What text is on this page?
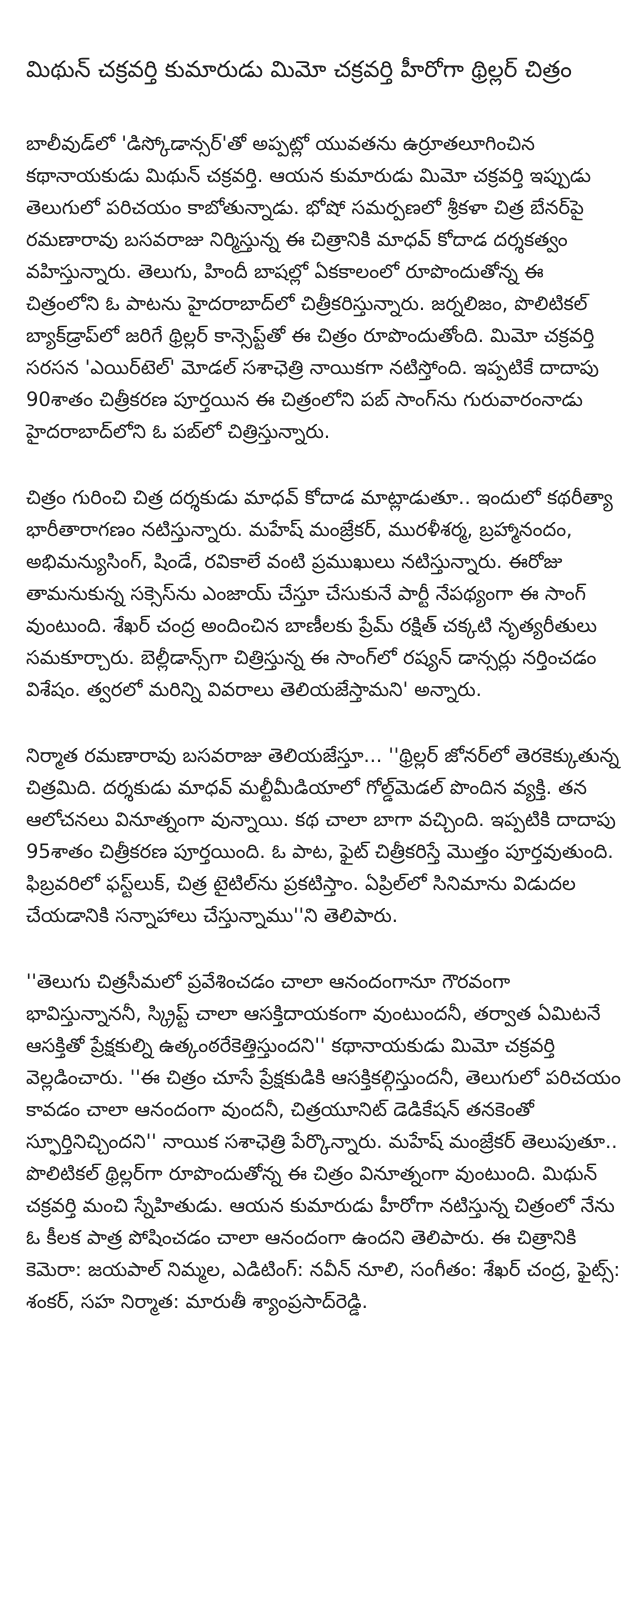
మిథున్ చక్రవర్తి కుమారుడు మిమో చక్రవర్తి హీరోగా థ్రిల్లర్ చిత్రం

బాలీవుడ్‌లో 'డిస్కోడాన్సర్'తో అప్పట్లో యువతను ఉర్రూతలూగించిన కథానాయకుడు మిథున్ చక్రవర్తి. ఆయన కుమారుడు మిమో చక్రవర్తి ఇప్పుడు తెలుగులో పరిచయం కాబోతున్నాడు. భోషో సమర్పణలో శ్రీకళా చిత్ర బేనర్‌పై రమణారావు బసవరాజు నిర్మిస్తున్న ఈ చిత్రానికి మాధవ్ కోదాడ దర్శకత్వం వహిస్తున్నారు. తెలుగు, హిందీ బాషల్లో ఏకకాలంలో రూపొందుతోన్న ఈ చిత్రంలోని ఓ పాటను హైదరాబాద్‌లో చిత్రీకరిస్తున్నారు. జర్నలిజం, పొలిటికల్ బ్యాక్‌డ్రాప్‌లో జరిగే థ్రిల్లర్ కాన్సెప్ట్‌తో ఈ చిత్రం రూపొందుతోంది. మిమో చక్రవర్తి సరసన 'ఎయిర్‌టెల్' మోడల్ సశాఛెత్రి నాయికగా నటిస్తోంది. ఇప్పటికే దాదాపు 90శాతం చిత్రీకరణ పూర్తయిన ఈ చిత్రంలోని పబ్ సాంగ్‌ను గురువారంనాడు హైదరాబాద్‌లోని ఓ పబ్‌లో చిత్రిస్తున్నారు.

చిత్రం గురించి చిత్ర దర్శకుడు మాధవ్ కోదాడ మాట్లాడుతూ.. ఇందులో కథరీత్యా భారీతారాగణం నటిస్తున్నారు. మహేష్ మంజ్రేకర్, మురళీశర్మ, బ్రహ్మానందం, అభిమన్యుసింగ్, షిండే, రవికాలే వంటి ప్రముఖులు నటిస్తున్నారు. ఈరోజు తామనుకున్న సక్సెస్‌ను ఎంజాయ్ చేస్తూ చేసుకునే పార్టీ నేపథ్యంగా ఈ సాంగ్ వుంటుంది. శేఖర్ చంద్ర అందించిన బాణీలకు ప్రేమ్ రక్షిత్ చక్కటి నృత్యరీతులు సమకూర్చారు. బెల్లీడాన్స్‌గా చిత్రిస్తున్న ఈ సాంగ్‌లో రష్యన్ డాన్సర్లు నర్తించడం విశేషం. త్వరలో మరిన్ని వివరాలు తెలియజేస్తామని' అన్నారు.

నిర్మాత రమణారావు బసవరాజు తెలియజేస్తూ... ''థ్రిల్లర్ జోనర్‌లో తెరకెక్కుతున్న చిత్రమిది. దర్శకుడు మాధవ్ మల్టీమీడియాలో గోల్డ్‌మెడల్ పొందిన వ్యక్తి. తన ఆలోచనలు వినూత్నంగా వున్నాయి. కథ చాలా బాగా వచ్చింది. ఇప్పటికి దాదాపు 95శాతం చిత్రీకరణ పూర్తయింది. ఓ పాట, ఫైట్ చిత్రీకరిస్తే మొత్తం పూర్తవుతుంది. ఫిబ్రవరిలో ఫస్ట్‌లుక్, చిత్ర టైటిల్‌ను ప్రకటిస్తాం. ఏప్రిల్‌లో సినిమాను విడుదల చేయడానికి సన్నాహాలు చేస్తున్నాము''ని తెలిపారు.

''తెలుగు చిత్రసీమలో ప్రవేశించడం చాలా ఆనందంగానూ గౌరవంగా భావిస్తున్నాననీ, స్క్రిప్ట్ చాలా ఆసక్తిదాయకంగా వుంటుందనీ, తర్వాత ఏమిటనే ఆసక్తితో ప్రేక్షకుల్ని ఉత్కంఠరేకెత్తిస్తుందని'' కథానాయకుడు మిమో చక్రవర్తి వెల్లడించారు. ''ఈ చిత్రం చూసే ప్రేక్షకుడికి ఆసక్తికల్గిస్తుందనీ, తెలుగులో పరిచయం కావడం చాలా ఆనందంగా వుందనీ, చిత్రయూనిట్ డెడికేషన్ తనకెంతో స్ఫూర్తినిచ్చిందని'' నాయిక సశాఛెత్రి పేర్కొన్నారు. మహేష్ మంజ్రేకర్ తెలుపుతూ.. పొలిటికల్ థ్రిల్లర్‌గా రూపొందుతోన్న ఈ చిత్రం వినూత్నంగా వుంటుంది. మిథున్ చక్రవర్తి మంచి స్నేహితుడు. ఆయన కుమారుడు హీరోగా నటిస్తున్న చిత్రంలో నేను ఓ కీలక పాత్ర పోషించడం చాలా ఆనందంగా ఉందని తెలిపారు. ఈ చిత్రానికి కెమెరా: జయపాల్ నిమ్మల, ఎడిటింగ్: నవీన్ నూలి, సంగీతం: శేఖర్ చంద్ర, ఫైట్స్: శంకర్, సహ నిర్మాత: మారుతీ శ్యాంప్రసాద్‌రెడ్డి.
